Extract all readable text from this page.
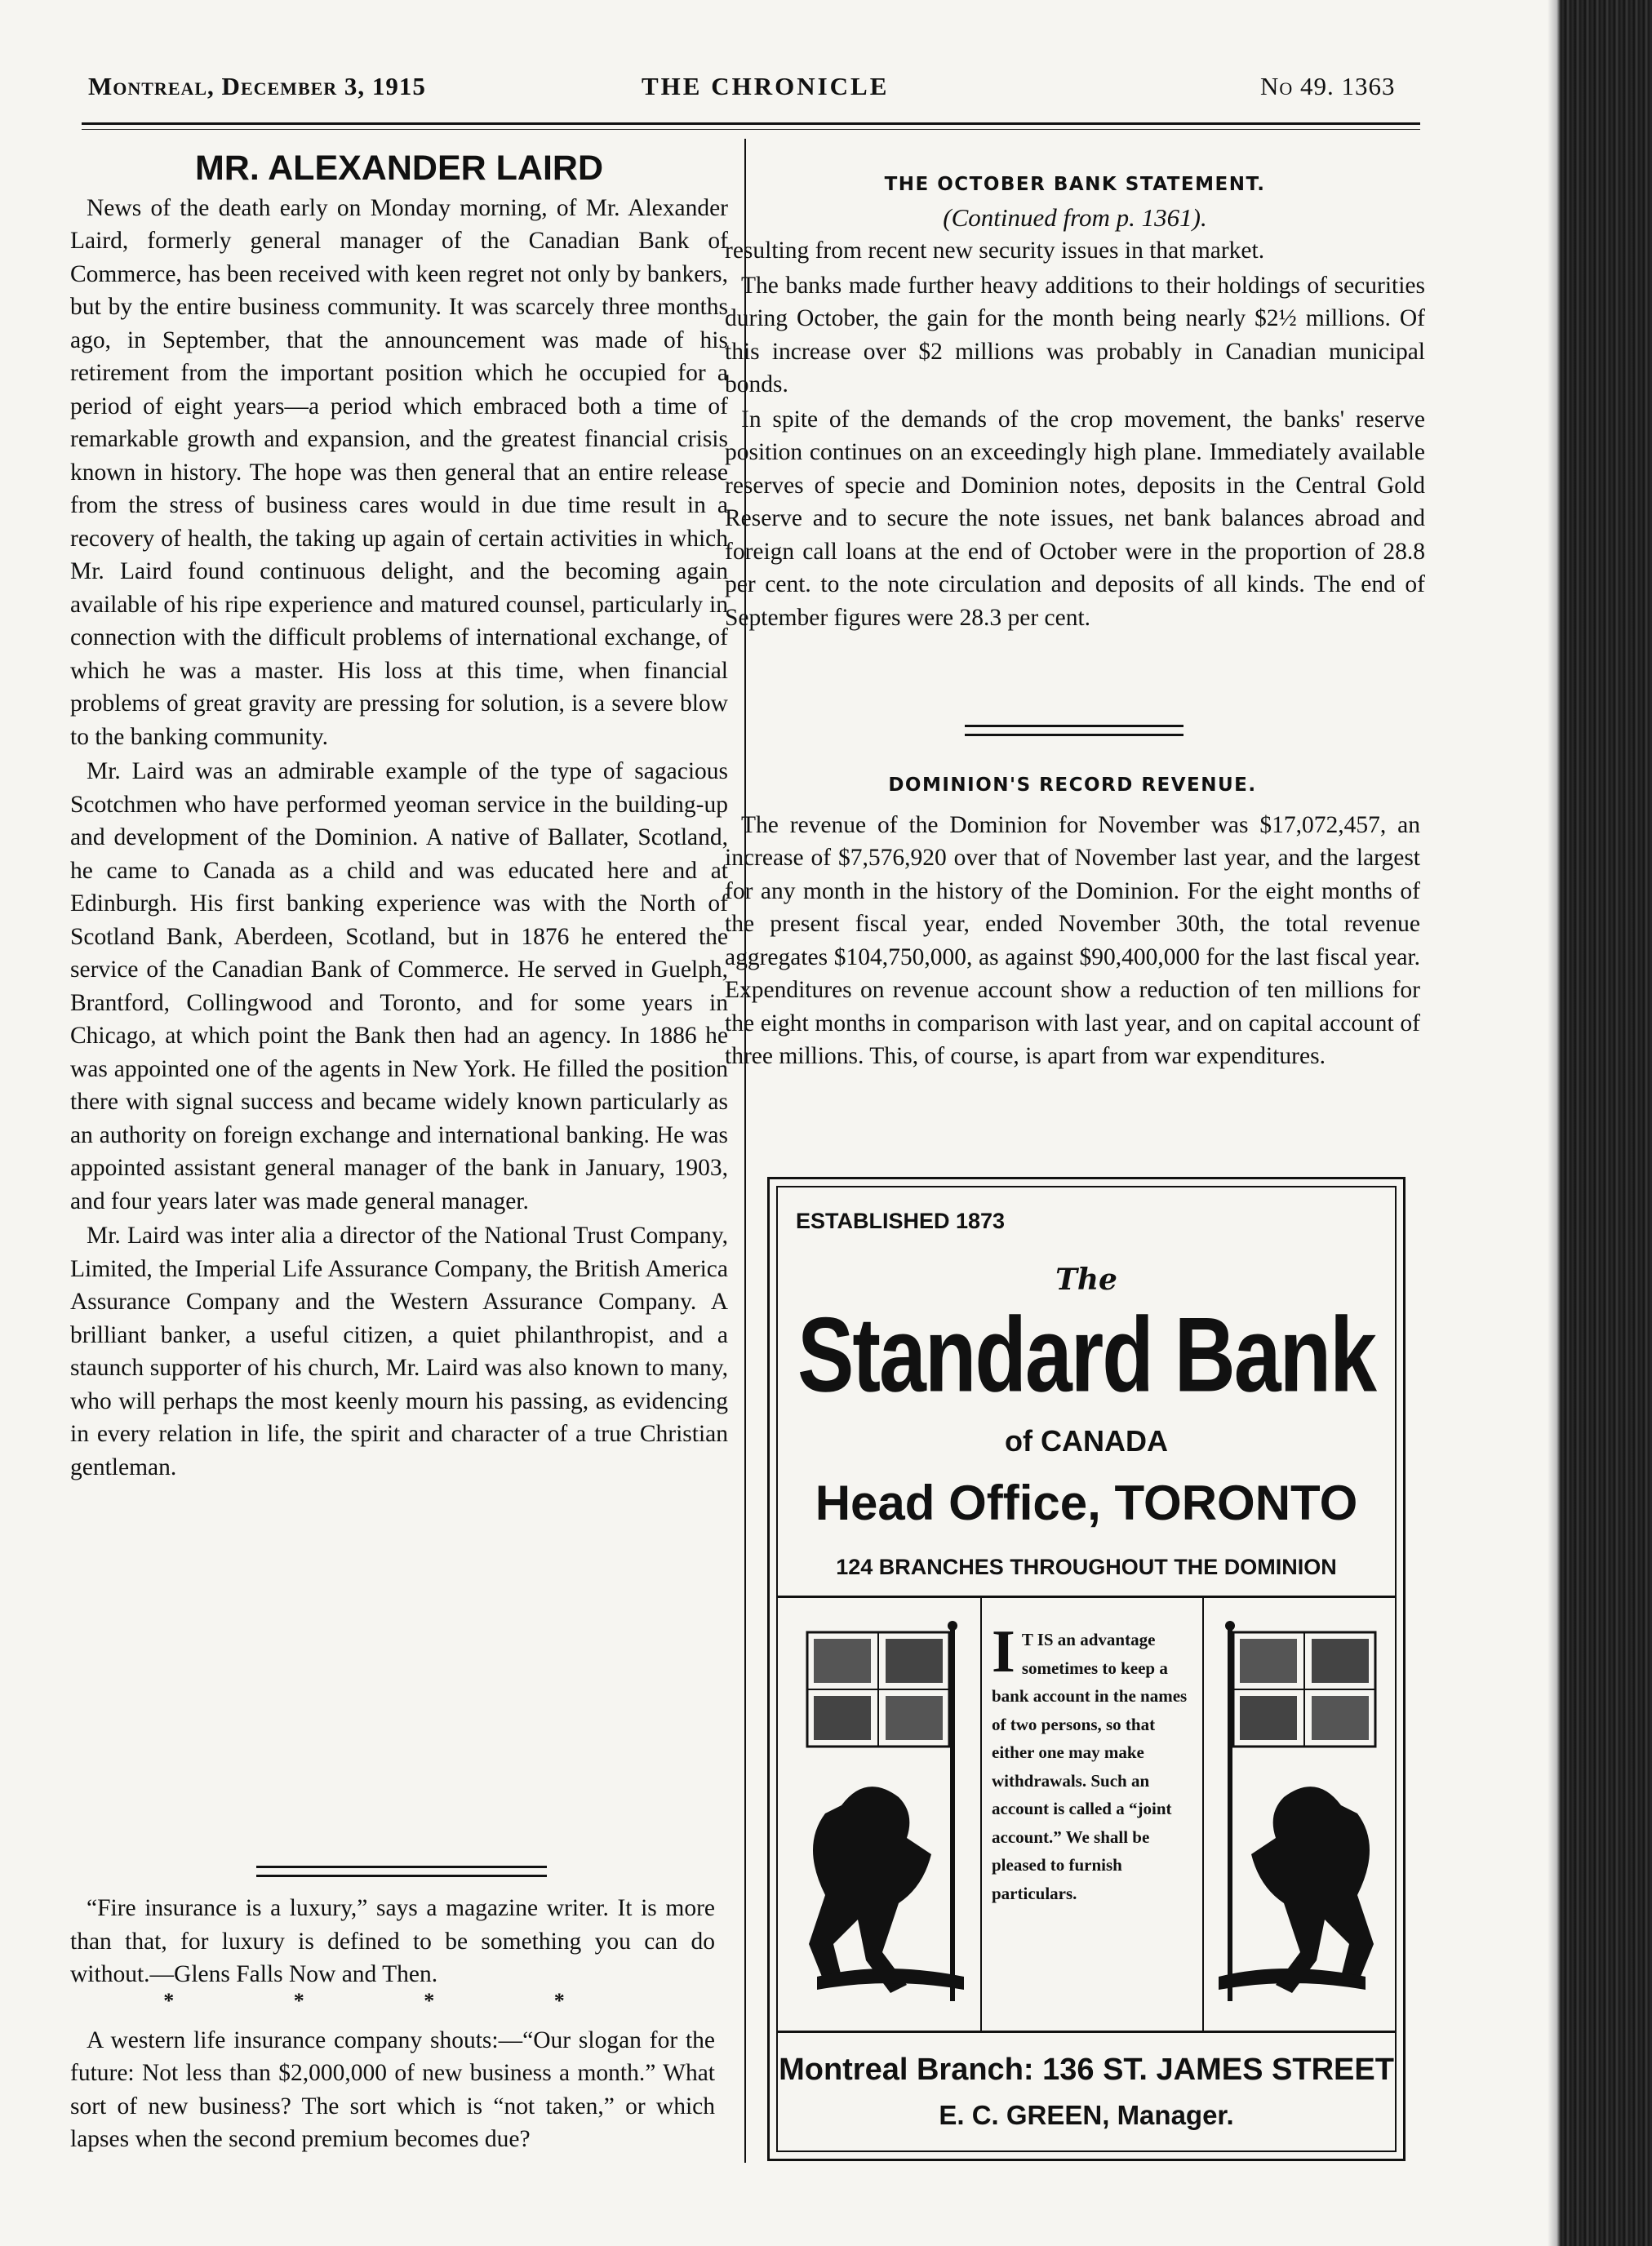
Montreal, December 3, 1915	THE CHRONICLE	No 49. 1363
MR. ALEXANDER LAIRD

News of the death early on Monday morning, of Mr. Alexander Laird, formerly general manager of the Canadian Bank of Commerce, has been received with keen regret not only by bankers, but by the entire business community. It was scarcely three months ago, in September, that the announcement was made of his retirement from the important position which he occupied for a period of eight years—a period which embraced both a time of remarkable growth and expansion, and the greatest financial crisis known in history. The hope was then general that an entire release from the stress of business cares would in due time result in a recovery of health, the taking up again of certain activities in which Mr. Laird found continuous delight, and the becoming again available of his ripe experience and matured counsel, particularly in connection with the difficult problems of international exchange, of which he was a master. His loss at this time, when financial problems of great gravity are pressing for solution, is a severe blow to the banking community.

Mr. Laird was an admirable example of the type of sagacious Scotchmen who have performed yeoman service in the building-up and development of the Dominion. A native of Ballater, Scotland, he came to Canada as a child and was educated here and at Edinburgh. His first banking experience was with the North of Scotland Bank, Aberdeen, Scotland, but in 1876 he entered the service of the Canadian Bank of Commerce. He served in Guelph, Brantford, Collingwood and Toronto, and for some years in Chicago, at which point the Bank then had an agency. In 1886 he was appointed one of the agents in New York. He filled the position there with signal success and became widely known particularly as an authority on foreign exchange and international banking. He was appointed assistant general manager of the bank in January, 1903, and four years later was made general manager.

Mr. Laird was inter alia a director of the National Trust Company, Limited, the Imperial Life Assurance Company, the British America Assurance Company and the Western Assurance Company. A brilliant banker, a useful citizen, a quiet philanthropist, and a staunch supporter of his church, Mr. Laird was also known to many, who will perhaps the most keenly mourn his passing, as evidencing in every relation in life, the spirit and character of a true Christian gentleman.

“Fire insurance is a luxury,” says a magazine writer. It is more than that, for luxury is defined to be something you can do without.—Glens Falls Now and Then.

* * * *

A western life insurance company shouts:—“Our slogan for the future: Not less than $2,000,000 of new business a month.” What sort of new business? The sort which is “not taken,” or which lapses when the second premium becomes due?

THE OCTOBER BANK STATEMENT.
(Continued from p. 1361).

resulting from recent new security issues in that market.

The banks made further heavy additions to their holdings of securities during October, the gain for the month being nearly $2½ millions. Of this increase over $2 millions was probably in Canadian municipal bonds.

In spite of the demands of the crop movement, the banks' reserve position continues on an exceedingly high plane. Immediately available reserves of specie and Dominion notes, deposits in the Central Gold Reserve and to secure the note issues, net bank balances abroad and foreign call loans at the end of October were in the proportion of 28.8 per cent. to the note circulation and deposits of all kinds. The end of September figures were 28.3 per cent.

DOMINION'S RECORD REVENUE.

The revenue of the Dominion for November was $17,072,457, an increase of $7,576,920 over that of November last year, and the largest for any month in the history of the Dominion. For the eight months of the present fiscal year, ended November 30th, the total revenue aggregates $104,750,000, as against $90,400,000 for the last fiscal year. Expenditures on revenue account show a reduction of ten millions for the eight months in comparison with last year, and on capital account of three millions. This, of course, is apart from war expenditures.

ESTABLISHED 1873
The
Standard Bank
of CANADA
Head Office, TORONTO
124 BRANCHES THROUGHOUT THE DOMINION
I T IS an advantage sometimes to keep a bank account in the names of two persons, so that either one may make withdrawals. Such an account is called a “joint account.” We shall be pleased to furnish particulars.
Montreal Branch: 136 ST. JAMES STREET
E. C. GREEN, Manager.
